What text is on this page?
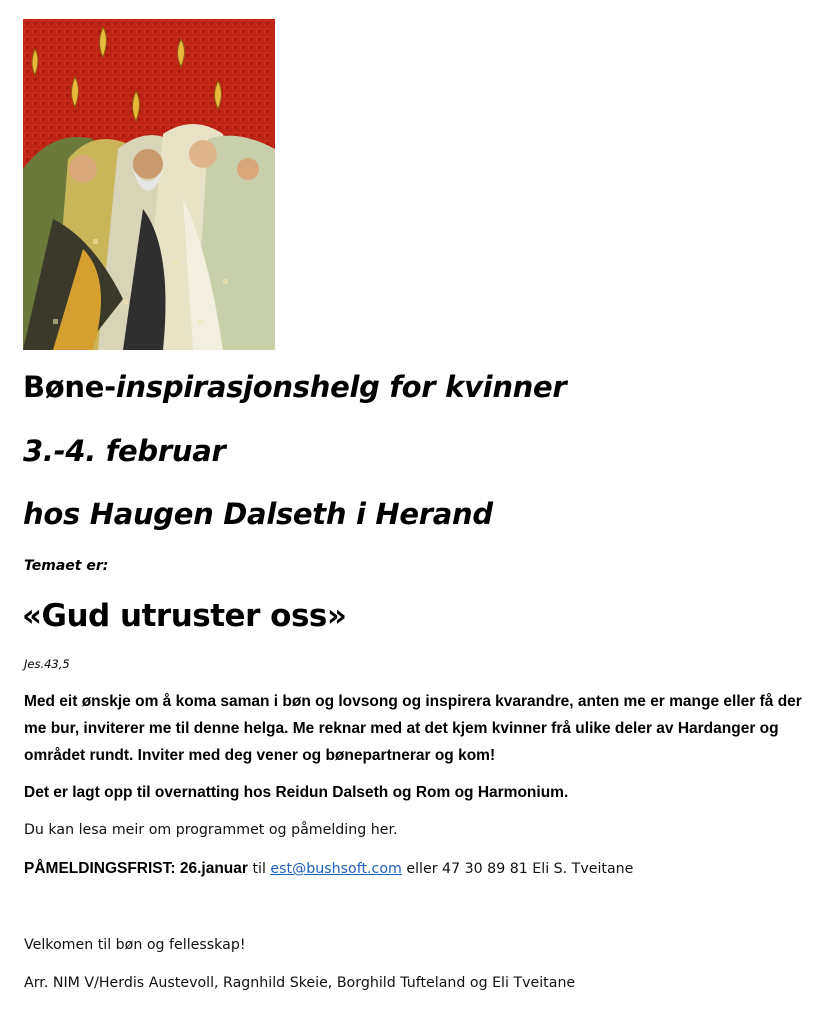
Bøne-inspirasjonshelg for kvinner
3.-4. februar
hos Haugen Dalseth i Herand
Temaet er:
«Gud utruster oss»
Jes.43,5

Med eit ønskje om å koma saman i bøn og lovsong og inspirera kvarandre, anten me er mange eller få der me bur, inviterer me til denne helga. Me reknar med at det kjem kvinner frå ulike deler av Hardanger og området rundt. Inviter med deg vener og bønepartnerar og kom!

Det er lagt opp til overnatting hos Reidun Dalseth og Rom og Harmonium.

Du kan lesa meir om programmet og påmelding her.

PÅMELDINGSFRIST: 26.januar til est@bushsoft.com eller 47 30 89 81 Eli S. Tveitane

Velkomen til bøn og fellesskap!

Arr. NIM V/Herdis Austevoll, Ragnhild Skeie, Borghild Tufteland og Eli Tveitane
